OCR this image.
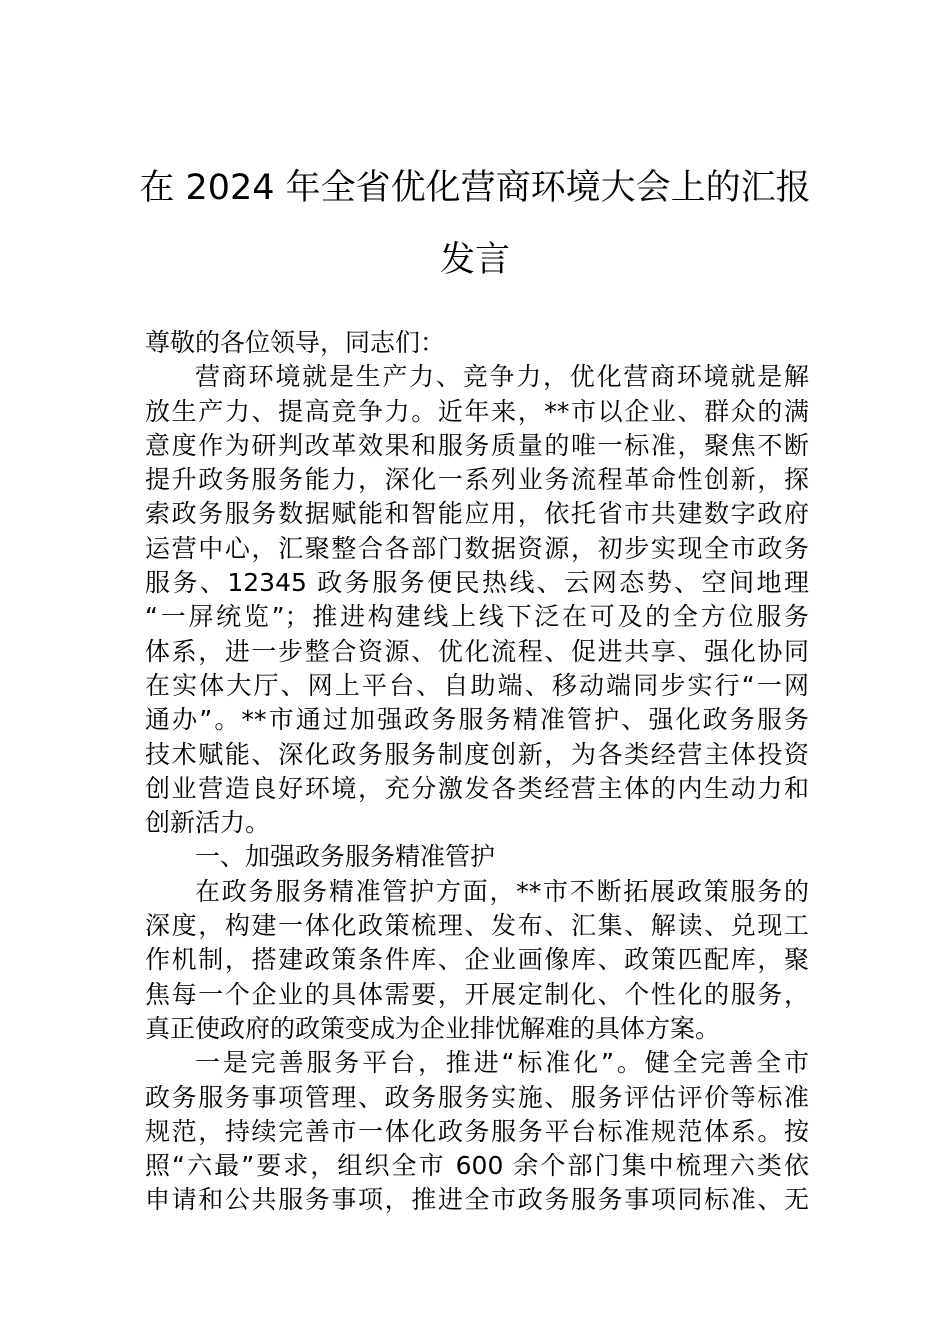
在 2024 年全省优化营商环境大会上的汇报
发言
尊敬的各位领导，同志们：
营商环境就是生产力、竞争力，优化营商环境就是解
放生产力、提高竞争力。近年来，**市以企业、群众的满
意度作为研判改革效果和服务质量的唯一标准，聚焦不断
提升政务服务能力，深化一系列业务流程革命性创新，探
索政务服务数据赋能和智能应用，依托省市共建数字政府
运营中心，汇聚整合各部门数据资源，初步实现全市政务
服务、12345 政务服务便民热线、云网态势、空间地理
“一屏统览”；推进构建线上线下泛在可及的全方位服务
体系，进一步整合资源、优化流程、促进共享、强化协同
在实体大厅、网上平台、自助端、移动端同步实行“一网
通办”。**市通过加强政务服务精准管护、强化政务服务
技术赋能、深化政务服务制度创新，为各类经营主体投资
创业营造良好环境，充分激发各类经营主体的内生动力和
创新活力。
一、加强政务服务精准管护
在政务服务精准管护方面，**市不断拓展政策服务的
深度，构建一体化政策梳理、发布、汇集、解读、兑现工
作机制，搭建政策条件库、企业画像库、政策匹配库，聚
焦每一个企业的具体需要，开展定制化、个性化的服务，
真正使政府的政策变成为企业排忧解难的具体方案。
一是完善服务平台，推进“标准化”。健全完善全市
政务服务事项管理、政务服务实施、服务评估评价等标准
规范，持续完善市一体化政务服务平台标准规范体系。按
照“六最”要求，组织全市 600 余个部门集中梳理六类依
申请和公共服务事项，推进全市政务服务事项同标准、无
